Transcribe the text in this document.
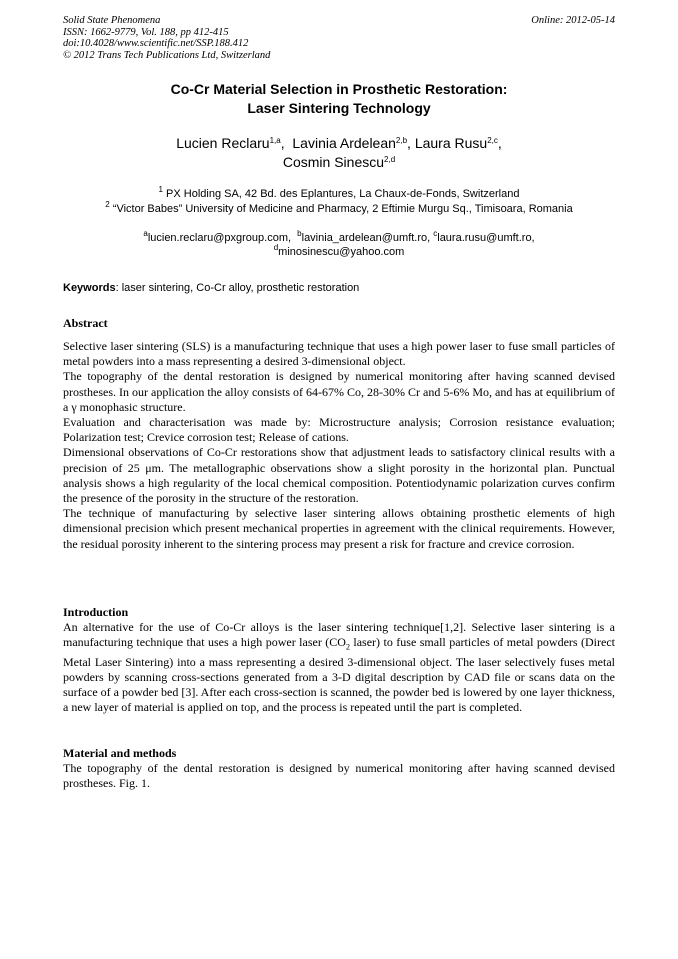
Solid State Phenomena
ISSN: 1662-9779, Vol. 188, pp 412-415
doi:10.4028/www.scientific.net/SSP.188.412
© 2012 Trans Tech Publications Ltd, Switzerland
Online: 2012-05-14
Co-Cr Material Selection in Prosthetic Restoration:
Laser Sintering Technology
Lucien Reclaru$^{1,a}$,  Lavinia Ardelean$^{2,b}$, Laura Rusu$^{2,c}$,
Cosmin Sinescu$^{2,d}$
$^1$ PX Holding SA, 42 Bd. des Eplantures, La Chaux-de-Fonds, Switzerland
$^2$ “Victor Babes” University of Medicine and Pharmacy, 2 Eftimie Murgu Sq., Timisoara, Romania
$^a$lucien.reclaru@pxgroup.com,  $^b$lavinia_ardelean@umft.ro, $^c$laura.rusu@umft.ro,
$^d$minosinescu@yahoo.com
Keywords: laser sintering, Co-Cr alloy, prosthetic restoration
Abstract

Selective laser sintering (SLS) is a manufacturing technique that uses a high power laser to fuse small particles of metal powders into a mass representing a desired 3-dimensional object.

The topography of the dental restoration is designed by numerical monitoring after having scanned devised prostheses. In our application the alloy consists of 64-67% Co, 28-30% Cr and 5-6% Mo, and has at equilibrium of a γ monophasic structure.

Evaluation and characterisation was made by: Microstructure analysis; Corrosion resistance evaluation; Polarization test; Crevice corrosion test; Release of cations.

Dimensional observations of Co-Cr restorations show that adjustment leads to satisfactory clinical results with a precision of 25 μm. The metallographic observations show a slight porosity in the horizontal plan. Punctual analysis shows a high regularity of the local chemical composition. Potentiodynamic polarization curves confirm the presence of the porosity in the structure of the restoration.

The technique of manufacturing by selective laser sintering allows obtaining prosthetic elements of high dimensional precision which present mechanical properties in agreement with the clinical requirements. However, the residual porosity inherent to the sintering process may present a risk for fracture and crevice corrosion.

Introduction

An alternative for the use of Co-Cr alloys is the laser sintering technique[1,2]. Selective laser sintering is a manufacturing technique that uses a high power laser ($CO_2$ laser) to fuse small particles of metal powders (Direct Metal Laser Sintering) into a mass representing a desired 3-dimensional object. The laser selectively fuses metal powders by scanning cross-sections generated from a 3-D digital description by CAD file or scans data on the surface of a powder bed [3]. After each cross-section is scanned, the powder bed is lowered by one layer thickness, a new layer of material is applied on top, and the process is repeated until the part is completed.

Material and methods

The topography of the dental restoration is designed by numerical monitoring after having scanned devised prostheses. Fig. 1.
